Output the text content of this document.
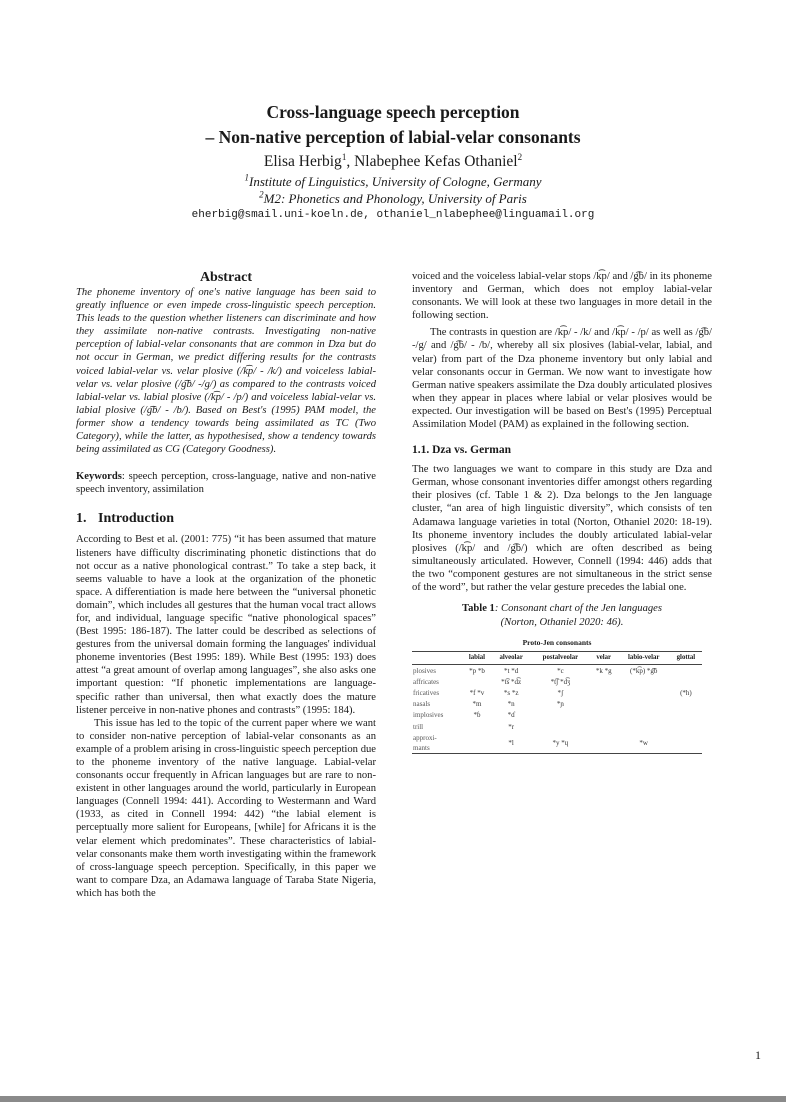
Cross-language speech perception
– Non-native perception of labial-velar consonants
Elisa Herbig$^1$, Nlabephee Kefas Othaniel$^2$
$^1$Institute of Linguistics, University of Cologne, Germany
$^2$M2: Phonetics and Phonology, University of Paris
eherbig@smail.uni-koeln.de, othaniel_nlabephee@linguamail.org

Abstract

The phoneme inventory of one's native language has been said to greatly influence or even impede cross-linguistic speech perception. This leads to the question whether listeners can discriminate and how they assimilate non-native contrasts. Investigating non-native perception of labial-velar consonants that are common in Dza but do not occur in German, we predict differing results for the contrasts voiced labial-velar vs. velar plosive (/k͡p/ - /k/) and voiceless labial-velar vs. velar plosive (/g͡b/ -/g/) as compared to the contrasts voiced labial-velar vs. labial plosive (/k͡p/ - /p/) and voiceless labial-velar vs. labial plosive (/g͡b/ - /b/). Based on Best's (1995) PAM model, the former show a tendency towards being assimilated as TC (Two Category), while the latter, as hypothesised, show a tendency towards being assimilated as CG (Category Goodness).

Keywords: speech perception, cross-language, native and non-native speech inventory, assimilation

1. Introduction

According to Best et al. (2001: 775) “it has been assumed that mature listeners have difficulty discriminating phonetic distinctions that do not occur as a native phonological contrast.” To take a step back, it seems valuable to have a look at the organization of the phonetic space. A differentiation is made here between the “universal phonetic domain”, which includes all gestures that the human vocal tract allows for, and individual, language specific “native phonological spaces” (Best 1995: 186-187). The latter could be described as selections of gestures from the universal domain forming the languages' individual phoneme inventories (Best 1995: 189). While Best (1995: 193) does attest “a great amount of overlap among languages”, she also asks one important question: “If phonetic implementations are language-specific rather than universal, then what exactly does the mature listener perceive in non-native phones and contrasts” (1995: 184).

This issue has led to the topic of the current paper where we want to consider non-native perception of labial-velar consonants as an example of a problem arising in cross-linguistic speech perception due to the phoneme inventory of the native language. Labial-velar consonants occur frequently in African languages but are rare to non-existent in other languages around the world, particularly in European languages (Connell 1994: 441). According to Westermann and Ward (1933, as cited in Connell 1994: 442) “the labial element is perceptually more salient for Europeans, [while] for Africans it is the velar element which predominates”. These characteristics of labial-velar consonants make them worth investigating within the framework of cross-language speech perception. Specifically, in this paper we want to compare Dza, an Adamawa language of Taraba State Nigeria, which has both the

voiced and the voiceless labial-velar stops /k͡p/ and /g͡b/ in its phoneme inventory and German, which does not employ labial-velar consonants. We will look at these two languages in more detail in the following section.

The contrasts in question are /k͡p/ - /k/ and /k͡p/ - /p/ as well as /g͡b/ -/g/ and /g͡b/ - /b/, whereby all six plosives (labial-velar, labial, and velar) from part of the Dza phoneme inventory but only labial and velar consonants occur in German. We now want to investigate how German native speakers assimilate the Dza doubly articulated plosives when they appear in places where labial or velar plosives would be expected. Our investigation will be based on Best's (1995) Perceptual Assimilation Model (PAM) as explained in the following section.

1.1. Dza vs. German

The two languages we want to compare in this study are Dza and German, whose consonant inventories differ amongst others regarding their plosives (cf. Table 1 & 2). Dza belongs to the Jen language cluster, “an area of high linguistic diversity”, which consists of ten Adamawa language varieties in total (Norton, Othaniel 2020: 18-19). Its phoneme inventory includes the doubly articulated labial-velar plosives (/k͡p/ and /g͡b/) which are often described as being simultaneously articulated. However, Connell (1994: 446) adds that the two “component gestures are not simultaneous in the strict sense of the word”, but rather the velar gesture precedes the labial one.

Table 1: Consonant chart of the Jen languages
(Norton, Othaniel 2020: 46).

Proto-Jen consonants
	labial	alveolar	postalveolar	velar	labio-velar	glottal
plosives	*p *b	*t *d	*c	*k *g	(*k͡p) *g͡b	
affricates		*t͡s *d͡z	*t͡ʃ *d͡ʒ			
fricatives	*f *v	*s *z	*ʃ			(*h)
nasals	*m	*n	*ɲ			
implosives	*ɓ	*ɗ				
trill		*r				
approxi-
mants		*l	*y *ɥ		*w	
1
